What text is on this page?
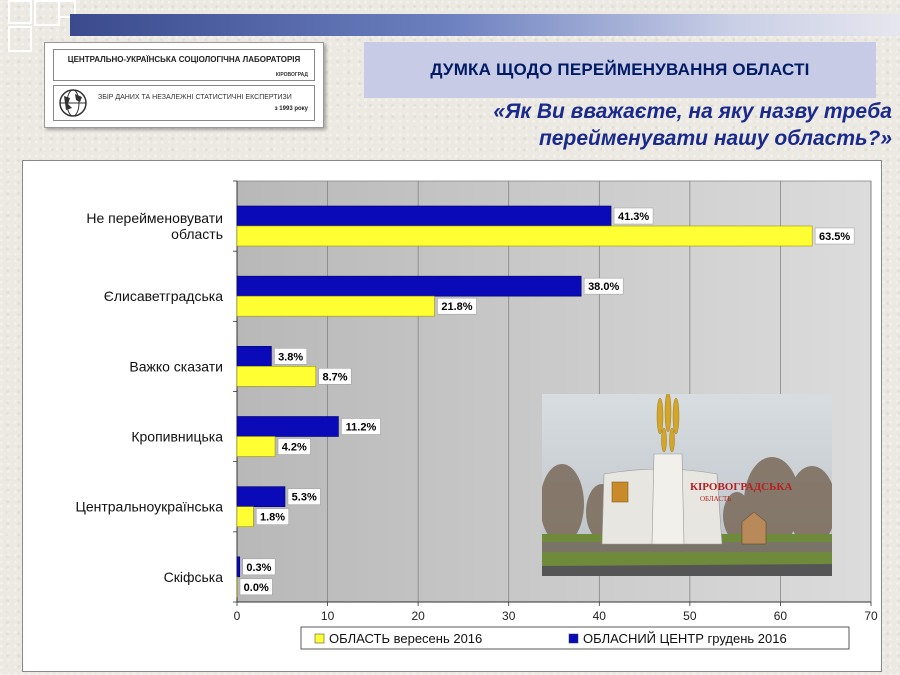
ЦЕНТРАЛЬНО-УКРАЇНСЬКА СОЦІОЛОГІЧНА ЛАБОРАТОРІЯ
КІРОВОГРАД
ЗБІР ДАНИХ ТА НЕЗАЛЕЖНІ СТАТИСТИЧНІ ЕКСПЕРТИЗИ
з 1993 року
ДУМКА ЩОДО ПЕРЕЙМЕНУВАННЯ ОБЛАСТІ
«Як Ви вважаєте, на яку назву треба
перейменувати нашу область?»
0	10	20	30	40	50	60	70
Не перейменовувати
область
41.3%
63.5%
Єлисаветградська
38.0%
21.8%
Важко сказати
3.8%
8.7%
Кропивницька
11.2%
4.2%
Центральноукраїнська
5.3%
1.8%
Скіфська
0.3%
0.0%
ОБЛАСТЬ вересень 2016	ОБЛАСНИЙ ЦЕНТР грудень 2016
КІРОВОГРАДСЬКА
ОБЛАСТЬ
